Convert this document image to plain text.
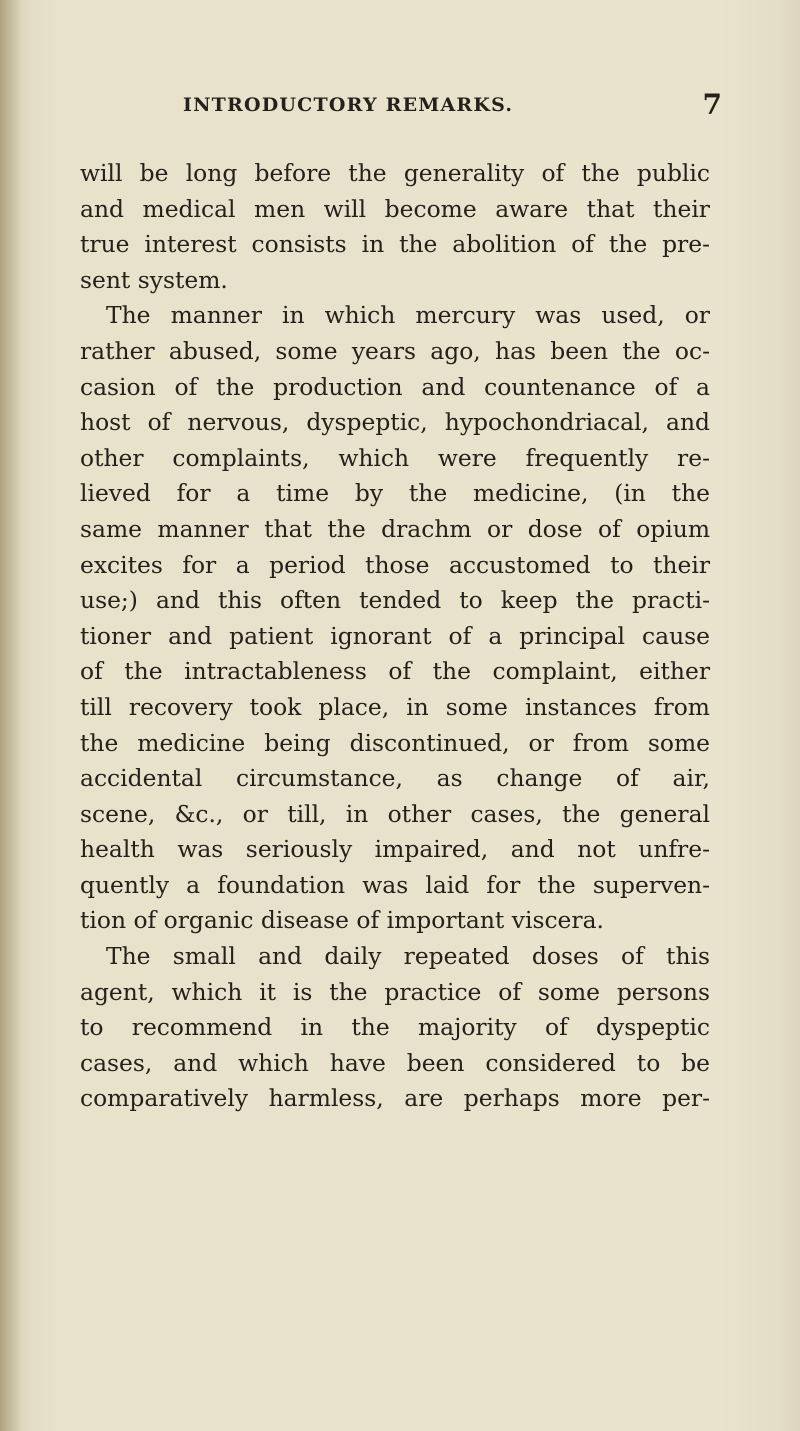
INTRODUCTORY REMARKS.	7
will be long before the generality of the public
and medical men will become aware that their
true interest consists in the abolition of the pre-
sent system.
The manner in which mercury was used, or
rather abused, some years ago, has been the oc-
casion of the production and countenance of a
host of nervous, dyspeptic, hypochondriacal, and
other complaints, which were frequently re-
lieved for a time by the medicine, (in the
same manner that the drachm or dose of opium
excites for a period those accustomed to their
use;) and this often tended to keep the practi-
tioner and patient ignorant of a principal cause
of the intractableness of the complaint, either
till recovery took place, in some instances from
the medicine being discontinued, or from some
accidental circumstance, as change of air,
scene, &c., or till, in other cases, the general
health was seriously impaired, and not unfre-
quently a foundation was laid for the superven-
tion of organic disease of important viscera.
The small and daily repeated doses of this
agent, which it is the practice of some persons
to recommend in the majority of dyspeptic
cases, and which have been considered to be
comparatively harmless, are perhaps more per-
